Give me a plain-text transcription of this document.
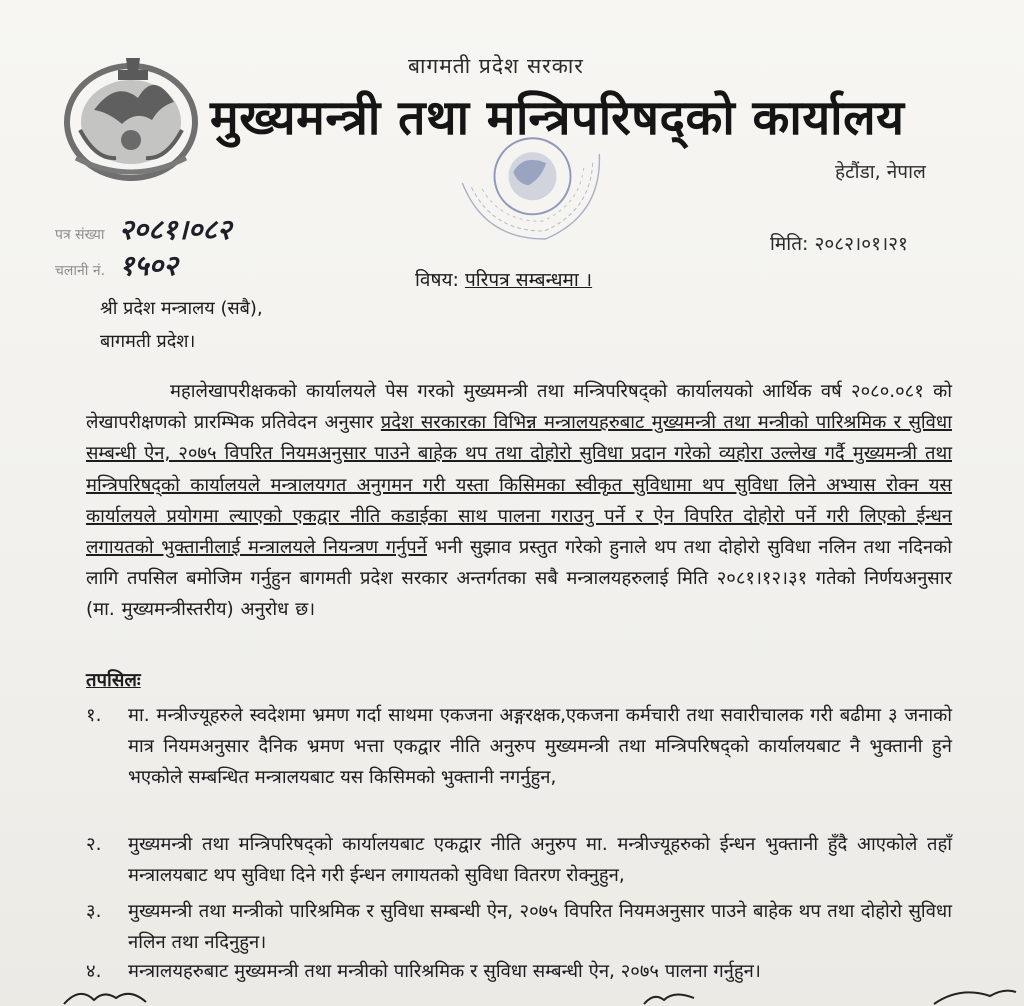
बागमती प्रदेश सरकार
मुख्यमन्त्री तथा मन्त्रिपरिषद्को कार्यालय
हेटौंडा, नेपाल
पत्र संख्या २०८१।०८२
चलानी नं. १५०२
मिति: २०८२।०१।२१
विषय: परिपत्र सम्बन्धमा ।
श्री प्रदेश मन्त्रालय (सबै),
बागमती प्रदेश।
महालेखापरीक्षकको कार्यालयले पेस गरको मुख्यमन्त्री तथा मन्त्रिपरिषद्को कार्यालयको आर्थिक वर्ष २०८०.०८१ को लेखापरीक्षणको प्रारम्भिक प्रतिवेदन अनुसार प्रदेश सरकारका विभिन्न मन्त्रालयहरुबाट मुख्यमन्त्री तथा मन्त्रीको पारिश्रमिक र सुविधा सम्बन्धी ऐन, २०७५ विपरित नियमअनुसार पाउने बाहेक थप तथा दोहोरो सुविधा प्रदान गरेको व्यहोरा उल्लेख गर्दै मुख्यमन्त्री तथा मन्त्रिपरिषद्को कार्यालयले मन्त्रालयगत अनुगमन गरी यस्ता किसिमका स्वीकृत सुविधामा थप सुविधा लिने अभ्यास रोक्न यस कार्यालयले प्रयोगमा ल्याएको एकद्वार नीति कडाईका साथ पालना गराउनु पर्ने र ऐन विपरित दोहोरो पर्ने गरी लिएको ईन्धन लगायतको भुक्तानीलाई मन्त्रालयले नियन्त्रण गर्नुपर्ने भनी सुझाव प्रस्तुत गरेको हुनाले थप तथा दोहोरो सुविधा नलिन तथा नदिनको लागि तपसिल बमोजिम गर्नुहुन बागमती प्रदेश सरकार अन्तर्गतका सबै मन्त्रालयहरुलाई मिति २०८१।१२।३१ गतेको निर्णयअनुसार (मा. मुख्यमन्त्रीस्तरीय) अनुरोध छ।
तपसिलः
१.	मा. मन्त्रीज्यूहरुले स्वदेशमा भ्रमण गर्दा साथमा एकजना अङ्गरक्षक,एकजना कर्मचारी तथा सवारीचालक गरी बढीमा ३ जनाको मात्र नियमअनुसार दैनिक भ्रमण भत्ता एकद्वार नीति अनुरुप मुख्यमन्त्री तथा मन्त्रिपरिषद्को कार्यालयबाट नै भुक्तानी हुने भएकोले सम्बन्धित मन्त्रालयबाट यस किसिमको भुक्तानी नगर्नुहुन,
२.	मुख्यमन्त्री तथा मन्त्रिपरिषद्को कार्यालयबाट एकद्वार नीति अनुरुप मा. मन्त्रीज्यूहरुको ईन्धन भुक्तानी हुँदै आएकोले तहाँ मन्त्रालयबाट थप सुविधा दिने गरी ईन्धन लगायतको सुविधा वितरण रोक्नुहुन,
३.	मुख्यमन्त्री तथा मन्त्रीको पारिश्रमिक र सुविधा सम्बन्धी ऐन, २०७५ विपरित नियमअनुसार पाउने बाहेक थप तथा दोहोरो सुविधा नलिन तथा नदिनुहुन।
४.	मन्त्रालयहरुबाट मुख्यमन्त्री तथा मन्त्रीको पारिश्रमिक र सुविधा सम्बन्धी ऐन, २०७५ पालना गर्नुहुन।
